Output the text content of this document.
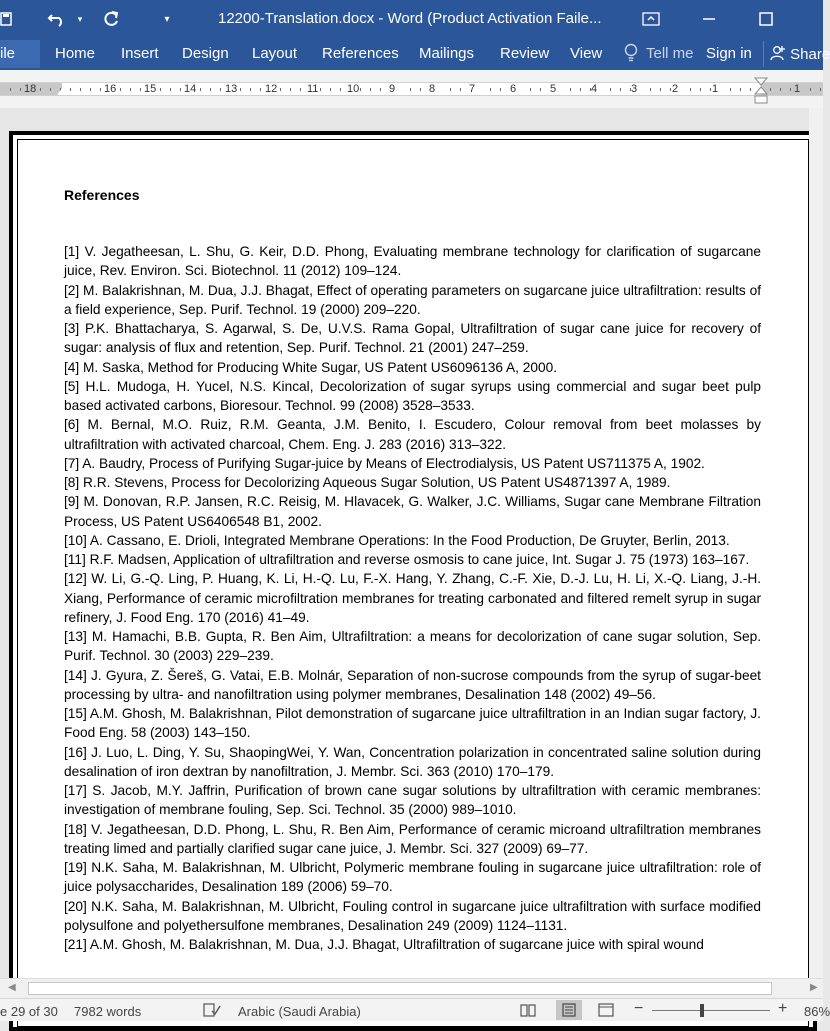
▾	▾	12200-Translation.docx - Word (Product Activation Faile...
ile	Home Insert Design Layout References Mailings Review View	Tell me Sign in	Share
18	16	15	14	13	12	11	10	9	8	7	6	5	4	3	2	1	1
References
[1] V. Jegatheesan, L. Shu, G. Keir, D.D. Phong, Evaluating membrane technology for clarification of sugarcane juice, Rev. Environ. Sci. Biotechnol. 11 (2012) 109–124.
[2] M. Balakrishnan, M. Dua, J.J. Bhagat, Effect of operating parameters on sugarcane juice ultrafiltration: results of a field experience, Sep. Purif. Technol. 19 (2000) 209–220.
[3] P.K. Bhattacharya, S. Agarwal, S. De, U.V.S. Rama Gopal, Ultrafiltration of sugar cane juice for recovery of sugar: analysis of flux and retention, Sep. Purif. Technol. 21 (2001) 247–259.
[4] M. Saska, Method for Producing White Sugar, US Patent US6096136 A, 2000.
[5] H.L. Mudoga, H. Yucel, N.S. Kincal, Decolorization of sugar syrups using commercial and sugar beet pulp based activated carbons, Bioresour. Technol. 99 (2008) 3528–3533.
[6] M. Bernal, M.O. Ruiz, R.M. Geanta, J.M. Benito, I. Escudero, Colour removal from beet molasses by ultrafiltration with activated charcoal, Chem. Eng. J. 283 (2016) 313–322.
[7] A. Baudry, Process of Purifying Sugar-juice by Means of Electrodialysis, US Patent US711375 A, 1902.
[8] R.R. Stevens, Process for Decolorizing Aqueous Sugar Solution, US Patent US4871397 A, 1989.
[9] M. Donovan, R.P. Jansen, R.C. Reisig, M. Hlavacek, G. Walker, J.C. Williams, Sugar cane Membrane Filtration Process, US Patent US6406548 B1, 2002.
[10] A. Cassano, E. Drioli, Integrated Membrane Operations: In the Food Production, De Gruyter, Berlin, 2013.
[11] R.F. Madsen, Application of ultrafiltration and reverse osmosis to cane juice, Int. Sugar J. 75 (1973) 163–167.
[12] W. Li, G.-Q. Ling, P. Huang, K. Li, H.-Q. Lu, F.-X. Hang, Y. Zhang, C.-F. Xie, D.-J. Lu, H. Li, X.-Q. Liang, J.-H. Xiang, Performance of ceramic microfiltration membranes for treating carbonated and filtered remelt syrup in sugar refinery, J. Food Eng. 170 (2016) 41–49.
[13] M. Hamachi, B.B. Gupta, R. Ben Aim, Ultrafiltration: a means for decolorization of cane sugar solution, Sep. Purif. Technol. 30 (2003) 229–239.
[14] J. Gyura, Z. Šereš, G. Vatai, E.B. Molnár, Separation of non-sucrose compounds from the syrup of sugar-beet processing by ultra- and nanofiltration using polymer membranes, Desalination 148 (2002) 49–56.
[15] A.M. Ghosh, M. Balakrishnan, Pilot demonstration of sugarcane juice ultrafiltration in an Indian sugar factory, J. Food Eng. 58 (2003) 143–150.
[16] J. Luo, L. Ding, Y. Su, ShaopingWei, Y. Wan, Concentration polarization in concentrated saline solution during desalination of iron dextran by nanofiltration, J. Membr. Sci. 363 (2010) 170–179.
[17] S. Jacob, M.Y. Jaffrin, Purification of brown cane sugar solutions by ultrafiltration with ceramic membranes: investigation of membrane fouling, Sep. Sci. Technol. 35 (2000) 989–1010.
[18] V. Jegatheesan, D.D. Phong, L. Shu, R. Ben Aim, Performance of ceramic microand ultrafiltration membranes treating limed and partially clarified sugar cane juice, J. Membr. Sci. 327 (2009) 69–77.
[19] N.K. Saha, M. Balakrishnan, M. Ulbricht, Polymeric membrane fouling in sugarcane juice ultrafiltration: role of juice polysaccharides, Desalination 189 (2006) 59–70.
[20] N.K. Saha, M. Balakrishnan, M. Ulbricht, Fouling control in sugarcane juice ultrafiltration with surface modified polysulfone and polyethersulfone membranes, Desalination 249 (2009) 1124–1131.
[21] A.M. Ghosh, M. Balakrishnan, M. Dua, J.J. Bhagat, Ultrafiltration of sugarcane juice with spiral wound
◀	▶
e 29 of 30 7982 words	Arabic (Saudi Arabia)	−	+ 86%
